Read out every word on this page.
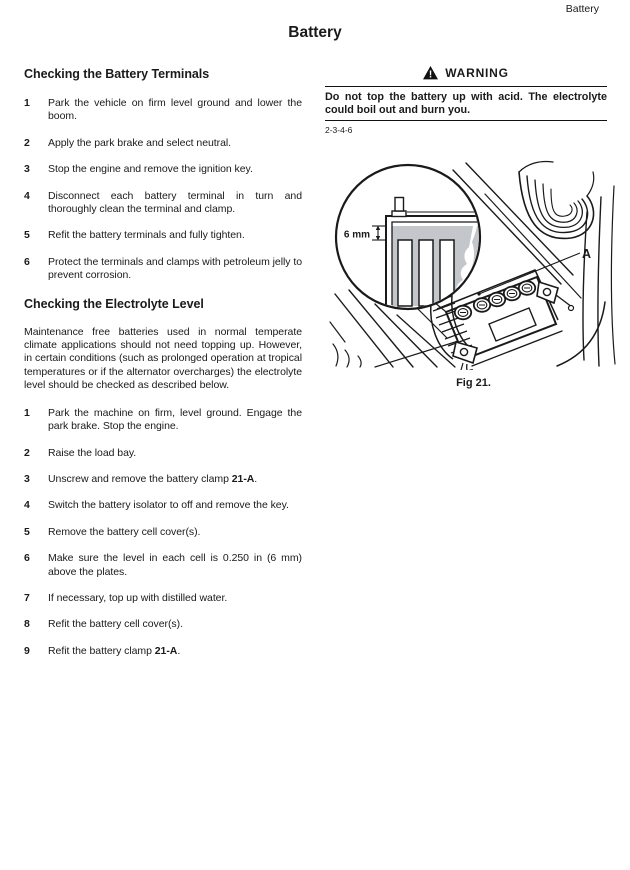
Battery
Battery
Checking the Battery Terminals
1	Park the vehicle on firm level ground and lower the boom.
2	Apply the park brake and select neutral.
3	Stop the engine and remove the ignition key.
4	Disconnect each battery terminal in turn and thoroughly clean the terminal and clamp.
5	Refit the battery terminals and fully tighten.
6	Protect the terminals and clamps with petroleum jelly to prevent corrosion.
Checking the Electrolyte Level

Maintenance free batteries used in normal temperate climate applications should not need topping up. However, in certain conditions (such as prolonged operation at tropical temperatures or if the alternator overcharges) the electrolyte level should be checked as described below.

1	Park the machine on firm, level ground. Engage the park brake. Stop the engine.
2	Raise the load bay.
3	Unscrew and remove the battery clamp 21-A.
4	Switch the battery isolator to off and remove the key.
5	Remove the battery cell cover(s).
6	Make sure the level in each cell is 0.250 in (6 mm) above the plates.
7	If necessary, top up with distilled water.
8	Refit the battery cell cover(s).
9	Refit the battery clamp 21-A.
! WARNING

Do not top the battery up with acid. The electrolyte could boil out and burn you.

2-3-4-6
A
6 mm
Fig 21.
